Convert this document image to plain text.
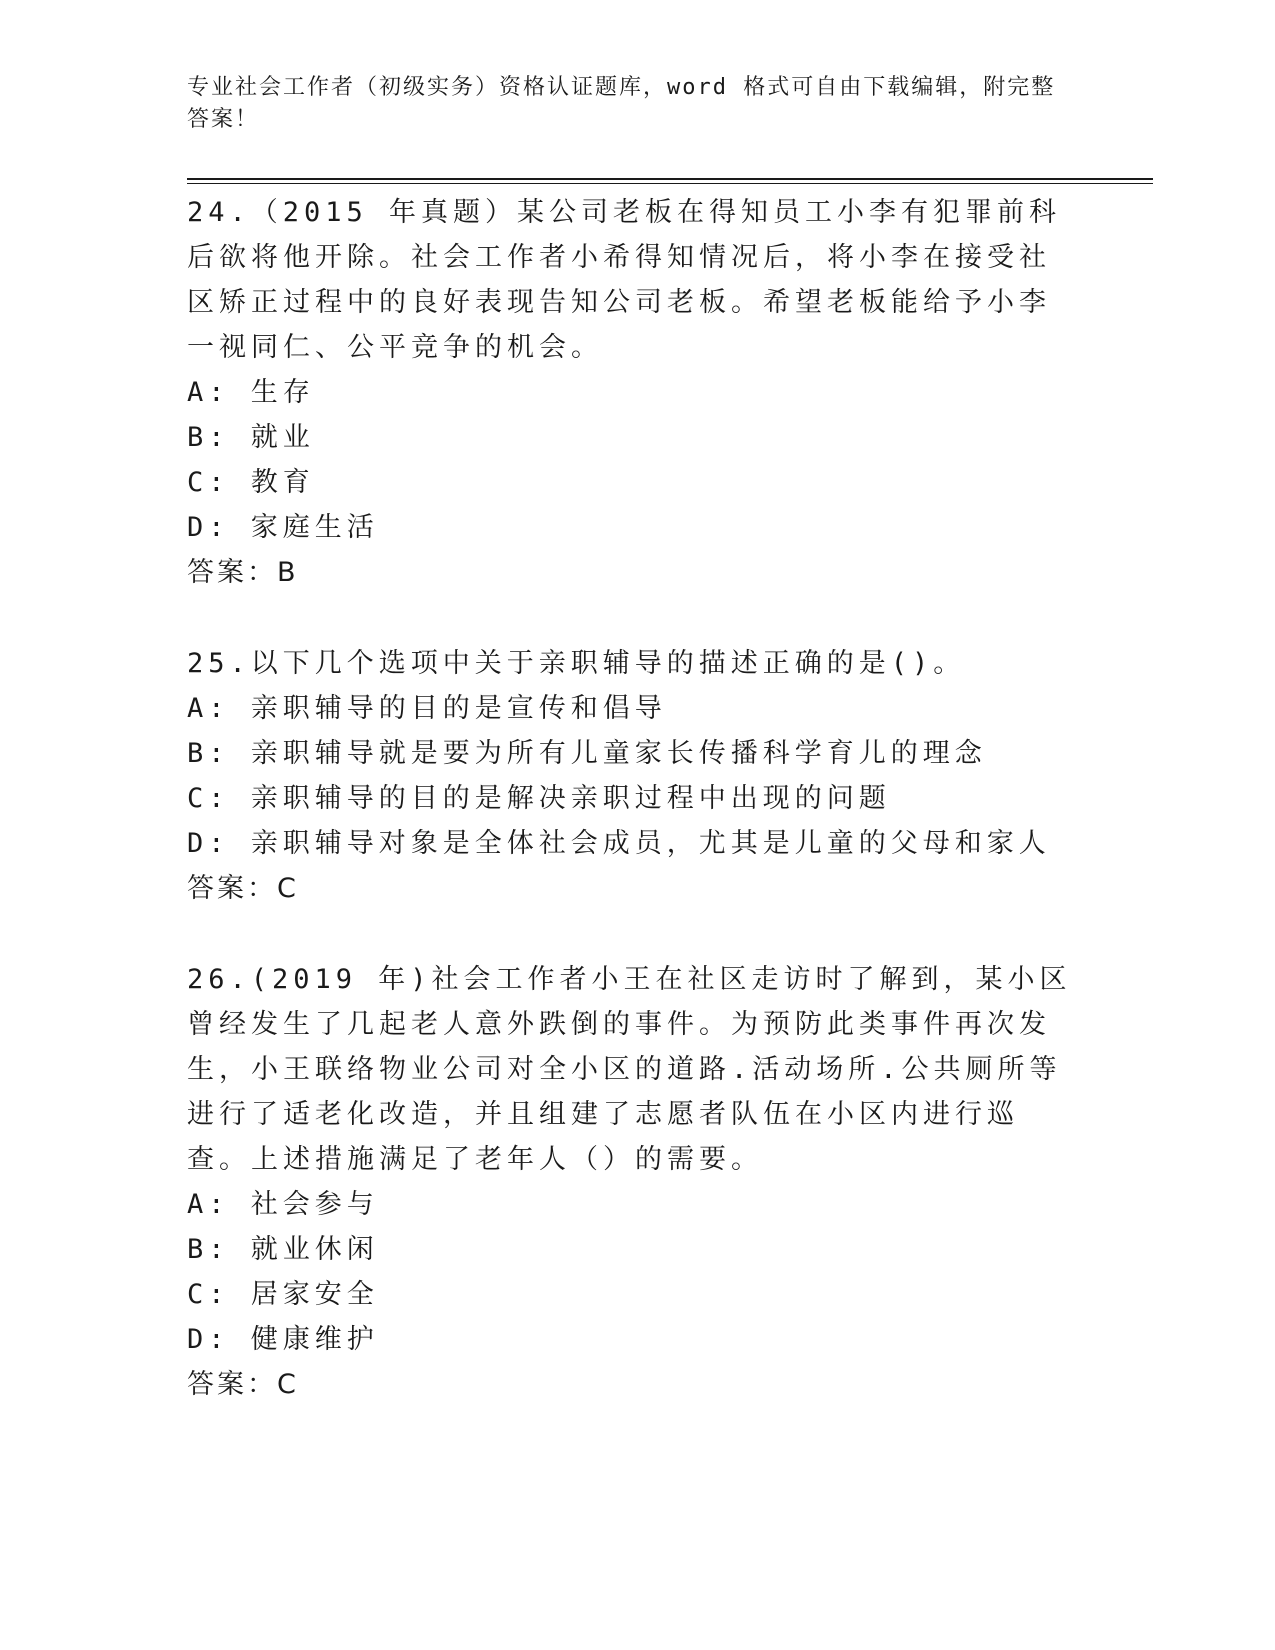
专业社会工作者（初级实务）资格认证题库，word 格式可自由下载编辑，附完整答案！
24.（2015 年真题）某公司老板在得知员工小李有犯罪前科后欲将他开除。社会工作者小希得知情况后，将小李在接受社区矫正过程中的良好表现告知公司老板。希望老板能给予小李一视同仁、公平竞争的机会。
A: 生存
B: 就业
C: 教育
D: 家庭生活
答案：B
25.以下几个选项中关于亲职辅导的描述正确的是()。
A: 亲职辅导的目的是宣传和倡导
B: 亲职辅导就是要为所有儿童家长传播科学育儿的理念
C: 亲职辅导的目的是解决亲职过程中出现的问题
D: 亲职辅导对象是全体社会成员，尤其是儿童的父母和家人
答案：C
26.(2019 年)社会工作者小王在社区走访时了解到，某小区曾经发生了几起老人意外跌倒的事件。为预防此类事件再次发生，小王联络物业公司对全小区的道路.活动场所.公共厕所等进行了适老化改造，并且组建了志愿者队伍在小区内进行巡查。上述措施满足了老年人（）的需要。
A: 社会参与
B: 就业休闲
C: 居家安全
D: 健康维护
答案：C
